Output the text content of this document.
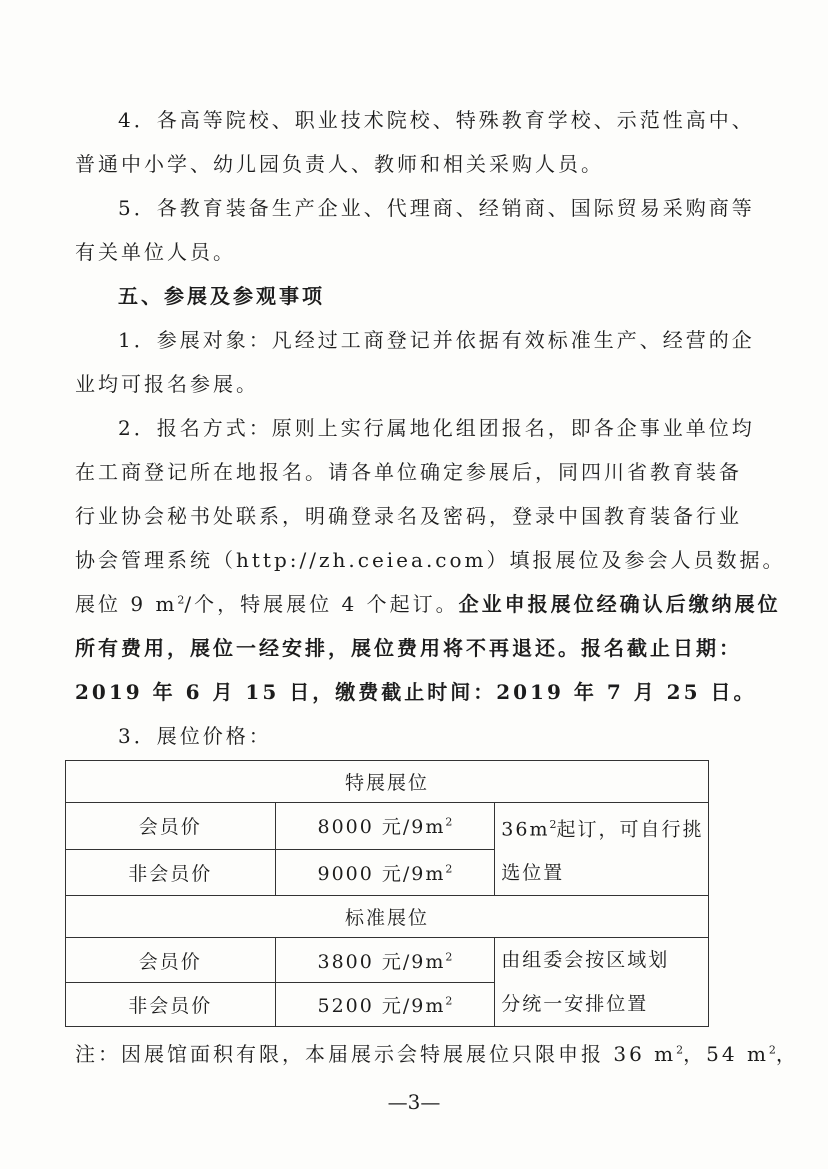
4．各高等院校、职业技术院校、特殊教育学校、示范性高中、
普通中小学、幼儿园负责人、教师和相关采购人员。
5．各教育装备生产企业、代理商、经销商、国际贸易采购商等
有关单位人员。
五、参展及参观事项
1．参展对象：凡经过工商登记并依据有效标准生产、经营的企
业均可报名参展。
2．报名方式：原则上实行属地化组团报名，即各企事业单位均
在工商登记所在地报名。请各单位确定参展后，同四川省教育装备
行业协会秘书处联系，明确登录名及密码，登录中国教育装备行业
协会管理系统（http://zh.ceiea.com）填报展位及参会人员数据。
展位 9 $m^2/$个，特展展位 4 个起订。企业申报展位经确认后缴纳展位
所有费用，展位一经安排，展位费用将不再退还。报名截止日期：
2019 年 6 月 15 日，缴费截止时间：2019 年 7 月 25 日。
3．展位价格：
特展展位		
会员价	8000 元$/9m^2$	$36m^2$起订，可自行挑
选位置
非会员价	9000 元$/9m^2$
标准展位		
会员价	3800 元$/9m^2$	由组委会按区域划
分统一安排位置
非会员价	5200 元$/9m^2$
注：因展馆面积有限，本届展示会特展展位只限申报 36 $m^2$，54 $m^2$，
—3—
